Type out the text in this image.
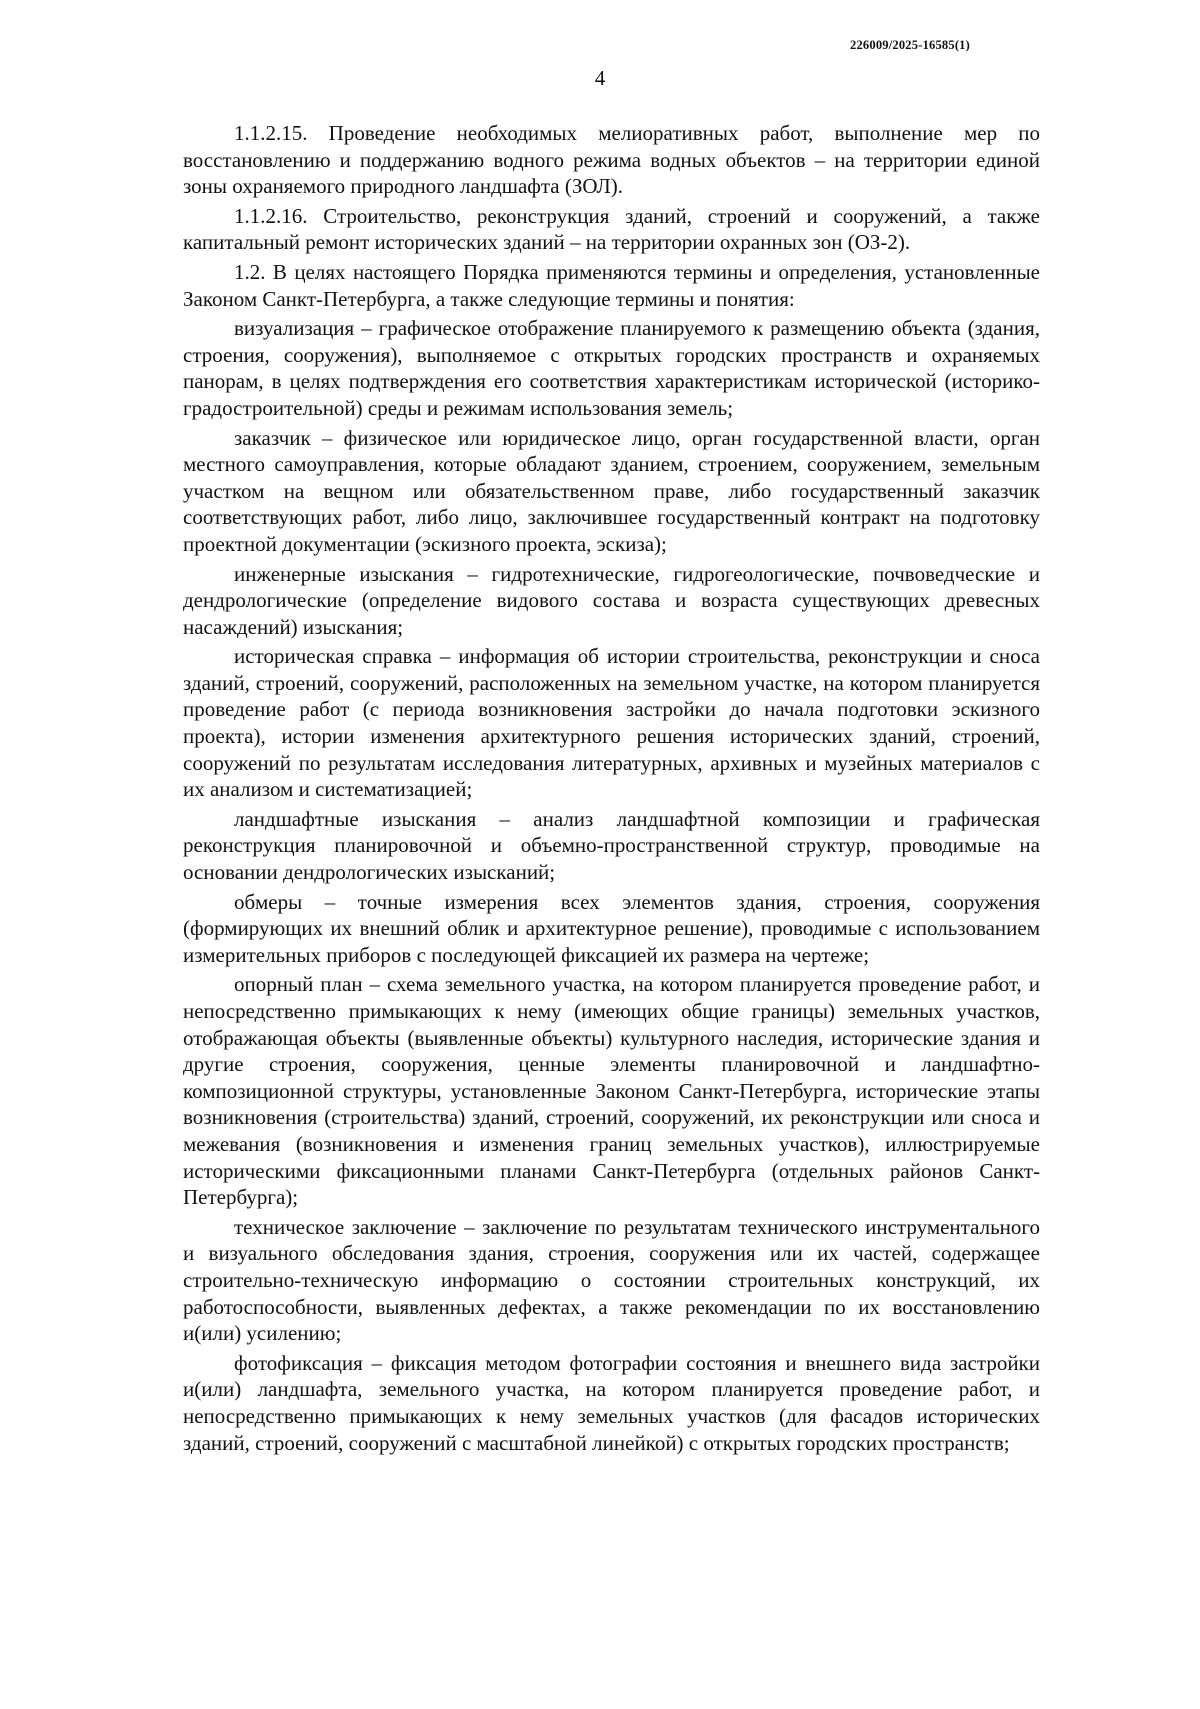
226009/2025-16585(1)
4

1.1.2.15. Проведение необходимых мелиоративных работ, выполнение мер по восстановлению и поддержанию водного режима водных объектов – на территории единой зоны охраняемого природного ландшафта (ЗОЛ).

1.1.2.16. Строительство, реконструкция зданий, строений и сооружений, а также капитальный ремонт исторических зданий – на территории охранных зон (ОЗ-2).

1.2. В целях настоящего Порядка применяются термины и определения, установленные Законом Санкт-Петербурга, а также следующие термины и понятия:

визуализация – графическое отображение планируемого к размещению объекта (здания, строения, сооружения), выполняемое с открытых городских пространств и охраняемых панорам, в целях подтверждения его соответствия характеристикам исторической (историко-градостроительной) среды и режимам использования земель;

заказчик – физическое или юридическое лицо, орган государственной власти, орган местного самоуправления, которые обладают зданием, строением, сооружением, земельным участком на вещном или обязательственном праве, либо государственный заказчик соответствующих работ, либо лицо, заключившее государственный контракт на подготовку проектной документации (эскизного проекта, эскиза);

инженерные изыскания – гидротехнические, гидрогеологические, почвоведческие и дендрологические (определение видового состава и возраста существующих древесных насаждений) изыскания;

историческая справка – информация об истории строительства, реконструкции и сноса зданий, строений, сооружений, расположенных на земельном участке, на котором планируется проведение работ (с периода возникновения застройки до начала подготовки эскизного проекта), истории изменения архитектурного решения исторических зданий, строений, сооружений по результатам исследования литературных, архивных и музейных материалов с их анализом и систематизацией;

ландшафтные изыскания – анализ ландшафтной композиции и графическая реконструкция планировочной и объемно-пространственной структур, проводимые на основании дендрологических изысканий;

обмеры – точные измерения всех элементов здания, строения, сооружения (формирующих их внешний облик и архитектурное решение), проводимые с использованием измерительных приборов с последующей фиксацией их размера на чертеже;

опорный план – схема земельного участка, на котором планируется проведение работ, и непосредственно примыкающих к нему (имеющих общие границы) земельных участков, отображающая объекты (выявленные объекты) культурного наследия, исторические здания и другие строения, сооружения, ценные элементы планировочной и ландшафтно-композиционной структуры, установленные Законом Санкт-Петербурга, исторические этапы возникновения (строительства) зданий, строений, сооружений, их реконструкции или сноса и межевания (возникновения и изменения границ земельных участков), иллюстрируемые историческими фиксационными планами Санкт-Петербурга (отдельных районов Санкт-Петербурга);

техническое заключение – заключение по результатам технического инструментального и визуального обследования здания, строения, сооружения или их частей, содержащее строительно-техническую информацию о состоянии строительных конструкций, их работоспособности, выявленных дефектах, а также рекомендации по их восстановлению и(или) усилению;

фотофиксация – фиксация методом фотографии состояния и внешнего вида застройки и(или) ландшафта, земельного участка, на котором планируется проведение работ, и непосредственно примыкающих к нему земельных участков (для фасадов исторических зданий, строений, сооружений с масштабной линейкой) с открытых городских пространств;
